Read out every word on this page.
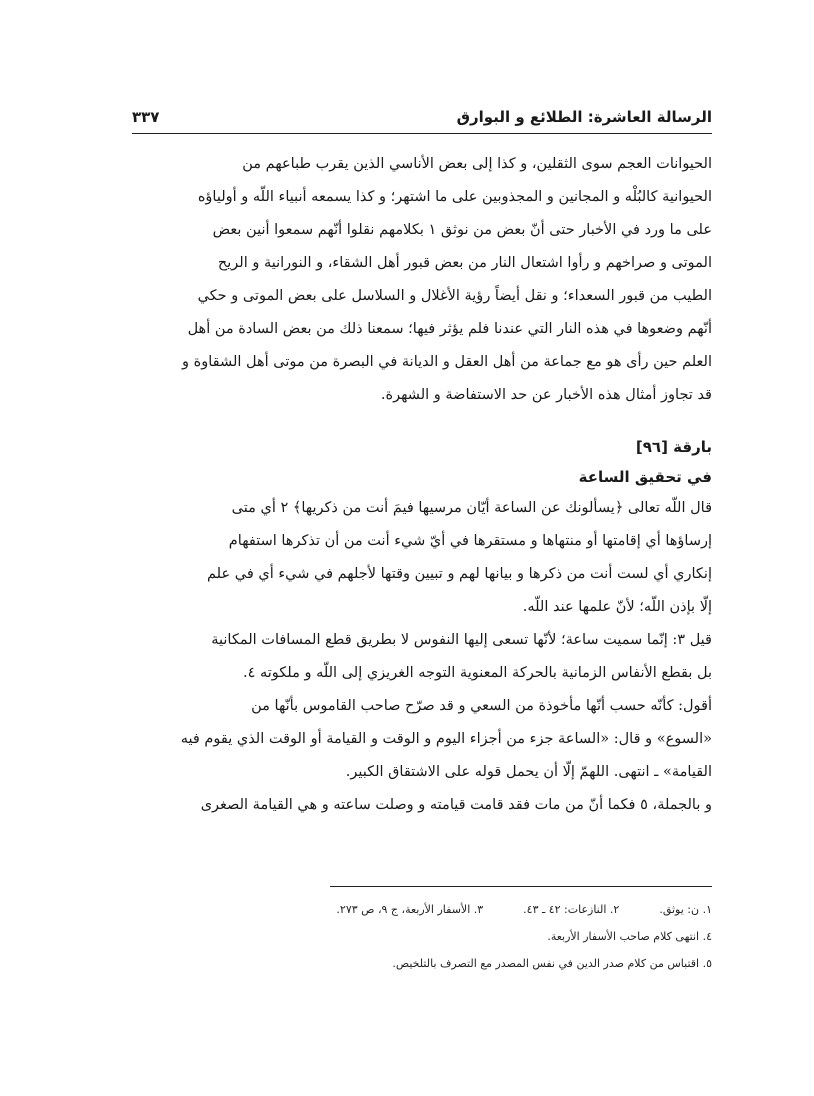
الرسالة العاشرة: الطلائع و البوارق
٣٣٧

الحيوانات العجم سوى الثقلين، و كذا إلى بعض الأناسي الذين يقرب طباعهم من
الحيوانية كالبُلْه و المجانين و المجذوبين على ما اشتهر؛ و كذا يسمعه أنبياء اللّه و أولياؤه
على ما ورد في الأخبار حتى أنّ بعض من نوثق ١ بكلامهم نقلوا أنّهم سمعوا أنين بعض
الموتى و صراخهم و رأوا اشتعال النار من بعض قبور أهل الشقاء، و النورانية و الريح
الطيب من قبور السعداء؛ و نقل أيضاً رؤية الأغلال و السلاسل على بعض الموتى و حكي
أنّهم وضعوها في هذه النار التي عندنا فلم يؤثر فيها؛ سمعنا ذلك من بعض السادة من أهل
العلم حين رأى هو مع جماعة من أهل العقل و الديانة في البصرة من موتى أهل الشقاوة و
قد تجاوز أمثال هذه الأخبار عن حد الاستفاضة و الشهرة.

بارقة [٩٦]
في تحقيق الساعة

قال اللّه تعالى ﴿يسألونك عن الساعة أيّان مرسيها فيمَ أنت من ذكريها﴾ ٢ أي متى
إرساؤها أي إقامتها أو منتهاها و مستقرها في أيّ شيء أنت من أن تذكرها استفهام
إنكاري أي لست أنت من ذكرها و بيانها لهم و تبيين وقتها لأجلهم في شيء أي في علم
إلّا بإذن اللّه؛ لأنّ علمها عند اللّه.

قيل ٣: إنّما سميت ساعة؛ لأنّها تسعى إليها النفوس لا بطريق قطع المسافات المكانية
بل بقطع الأنفاس الزمانية بالحركة المعنوية التوجه الغريزي إلى اللّه و ملكوته ٤.

أقول: كأنّه حسب أنّها مأخوذة من السعي و قد صرّح صاحب القاموس بأنّها من
«السوع» و قال: «الساعة جزء من أجزاء اليوم و الوقت و القيامة أو الوقت الذي يقوم فيه
القيامة» ـ انتهى. اللهمّ إلّا أن يحمل قوله على الاشتقاق الكبير.

و بالجملة، ٥ فكما أنّ من مات فقد قامت قيامته و وصلت ساعته و هي القيامة الصغرى

١. ن: يوثق.
٢. النازعات: ٤٢ ـ ٤٣.
٣. الأسفار الأربعة، ج ٩، ص ٢٧٣.
٤. انتهى كلام صاحب الأسفار الأربعة.
٥. اقتباس من كلام صدر الدين في نفس المصدر مع التصرف بالتلخيص.
